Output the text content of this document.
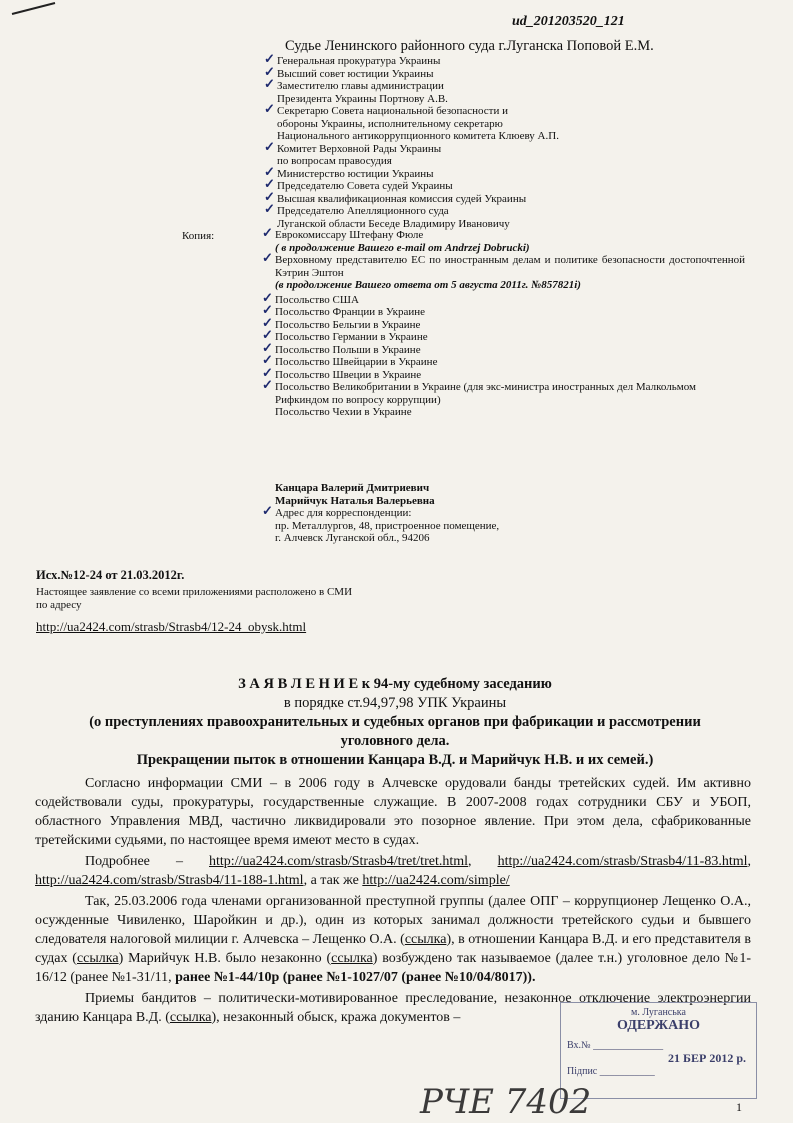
ud_201203520_121
Судье Ленинского районного суда г.Луганска Поповой Е.М.
✓ Генеральная прокуратура Украины
✓ Высший совет юстиции Украины
✓ Заместителю главы администрации
Президента Украины Портнову А.В.
✓ Секретарю Совета национальной безопасности и
обороны Украины, исполнительному секретарю
Национального антикоррупционного комитета Клюеву А.П.
✓ Комитет Верховной Рады Украины
по вопросам правосудия
✓ Министерство юстиции Украины
✓ Председателю Совета судей Украины
✓ Высшая квалификационная комиссия судей Украины
✓ Председателю Апелляционного суда
Луганской области Беседе Владимиру Ивановичу
Копия:	✓ Еврокомиссару Штефану Фюле
( в продолжение Вашего e-mail от Andrzej Dobrucki)
✓ Верховному представителю ЕС по иностранным делам и политике безопасности достопочтенной Кэтрин Эштон
(в продолжение Вашего ответа от 5 августа 2011г. №857821i)
✓ Посольство США
✓ Посольство Франции в Украине
✓ Посольство Бельгии в Украине
✓ Посольство Германии в Украине
✓ Посольство Польши в Украине
✓ Посольство Швейцарии в Украине
✓ Посольство Швеции в Украине
✓ Посольство Великобритании в Украине (для экс-министра иностранных дел Малкольмом Рифкиндом по вопросу коррупции)
Посольство Чехии в Украине
Канцара Валерий Дмитриевич
Марийчук Наталья Валерьевна
✓ Адрес для корреспонденции:
пр. Металлургов, 48, пристроенное помещение,
г. Алчевск Луганской обл., 94206
Исх.№12-24 от 21.03.2012г.
Настоящее заявление со всеми приложениями расположено в СМИ по адресу
http://ua2424.com/strasb/Strasb4/12-24_obysk.html
З А Я В Л Е Н И Е к 94-му судебному заседанию
в порядке ст.94,97,98 УПК Украины
(о преступлениях правоохранительных и судебных органов при фабрикации и рассмотрении уголовного дела.
Прекращении пыток в отношении Канцара В.Д. и Марийчук Н.В. и их семей.)

Согласно информации СМИ – в 2006 году в Алчевске орудовали банды третейских судей. Им активно содействовали суды, прокуратуры, государственные служащие. В 2007-2008 годах сотрудники СБУ и УБОП, областного Управления МВД, частично ликвидировали это позорное явление. При этом дела, сфабрикованные третейскими судьями, по настоящее время имеют место в судах.

Подробнее – http://ua2424.com/strasb/Strasb4/tret/tret.html, http://ua2424.com/strasb/Strasb4/11-83.html, http://ua2424.com/strasb/Strasb4/11-188-1.html, а так же http://ua2424.com/simple/

Так, 25.03.2006 года членами организованной преступной группы (далее ОПГ – коррупционер Лещенко О.А., осужденные Чивиленко, Шаройкин и др.), один из которых занимал должности третейского судьи и бывшего следователя налоговой милиции г. Алчевска – Лещенко О.А. (ссылка), в отношении Канцара В.Д. и его представителя в судах (ссылка) Марийчук Н.В. было незаконно (ссылка) возбуждено так называемое (далее т.н.) уголовное дело №1-16/12 (ранее №1-31/11, ранее №1-44/10р (ранее №1-1027/07 (ранее №10/04/8017)).

Приемы бандитов – политически-мотивированное преследование, незаконное отключение электроэнергии зданию Канцара В.Д. (ссылка), незаконный обыск, кража документов –	м. Луганська
ОДЕРЖАНО
Вх.№ ______________
21 БЕР 2012 р.
Підпис ___________
РЧЕ 7402	1
